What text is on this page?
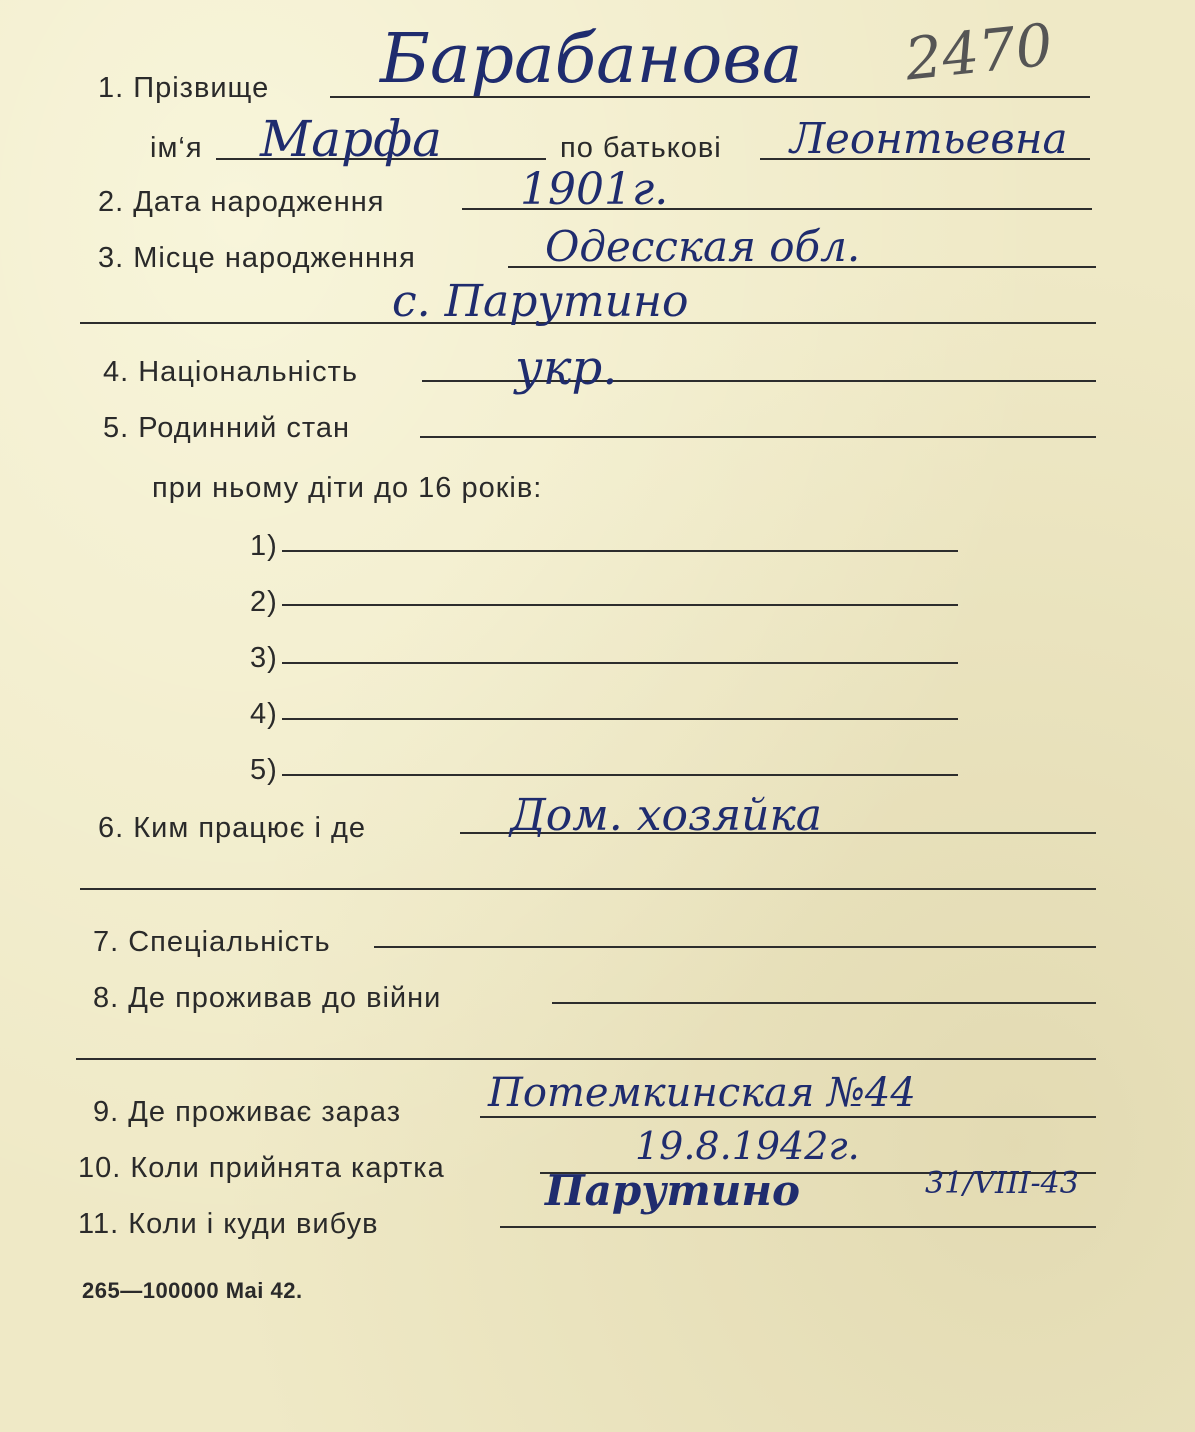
2470
1. Прізвище Барабанова
ім‘я Марфа	по батькові Леонтьевна
2. Дата народження	1901г.
3. Місце народженння	Одесская обл.
с. Парутино
4. Національність	укр.
5. Родинний стан
при ньому діти до 16 років:
1)
2)
3)
4)
5)
6. Ким працює і де	Дом. хозяйка
7. Спеціальність
8. Де проживав до війни
9. Де проживає зараз Потемкинская №44
10. Коли прийнята картка	19.8.1942г.
11. Коли і куди вибув
Парутино	31/VIII-43
265—100000 Mai 42.
